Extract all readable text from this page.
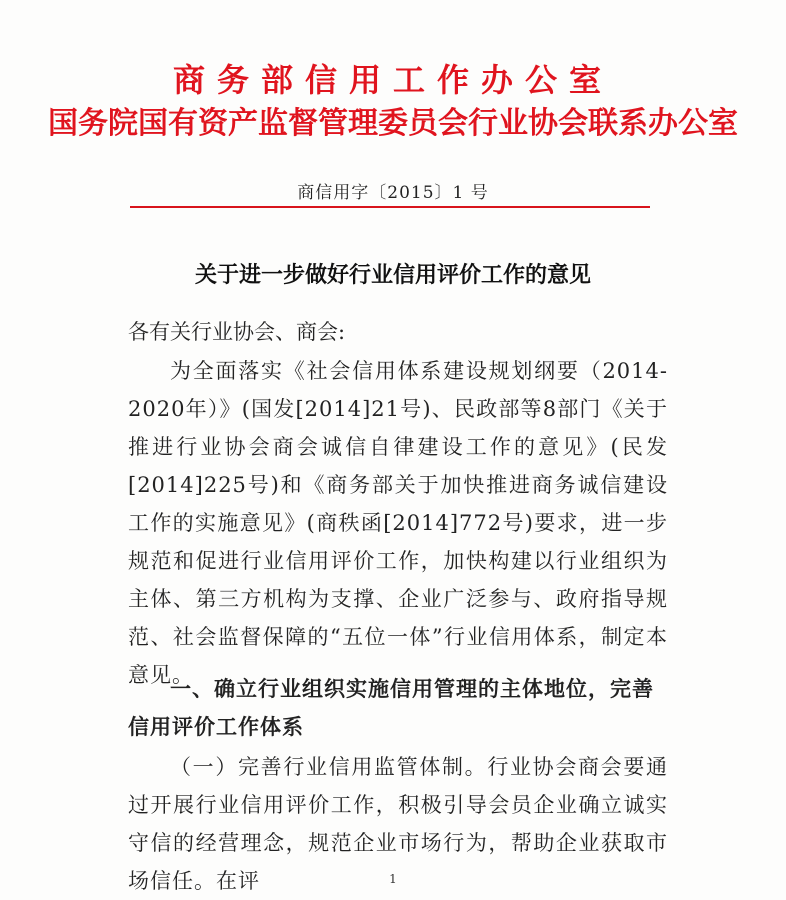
商务部信用工作办公室
国务院国有资产监督管理委员会行业协会联系办公室
商信用字〔2015〕1 号
关于进一步做好行业信用评价工作的意见
各有关行业协会、商会:
为全面落实《社会信用体系建设规划纲要（2014-2020年）》(国发[2014]21号)、民政部等8部门《关于推进行业协会商会诚信自律建设工作的意见》(民发[2014]225号)和《商务部关于加快推进商务诚信建设工作的实施意见》(商秩函[2014]772号)要求，进一步规范和促进行业信用评价工作，加快构建以行业组织为主体、第三方机构为支撑、企业广泛参与、政府指导规范、社会监督保障的“五位一体”行业信用体系，制定本意见。
一、确立行业组织实施信用管理的主体地位，完善信用评价工作体系
（一）完善行业信用监管体制。行业协会商会要通过开展行业信用评价工作，积极引导会员企业确立诚实守信的经营理念，规范企业市场行为，帮助企业获取市场信任。在评	1
